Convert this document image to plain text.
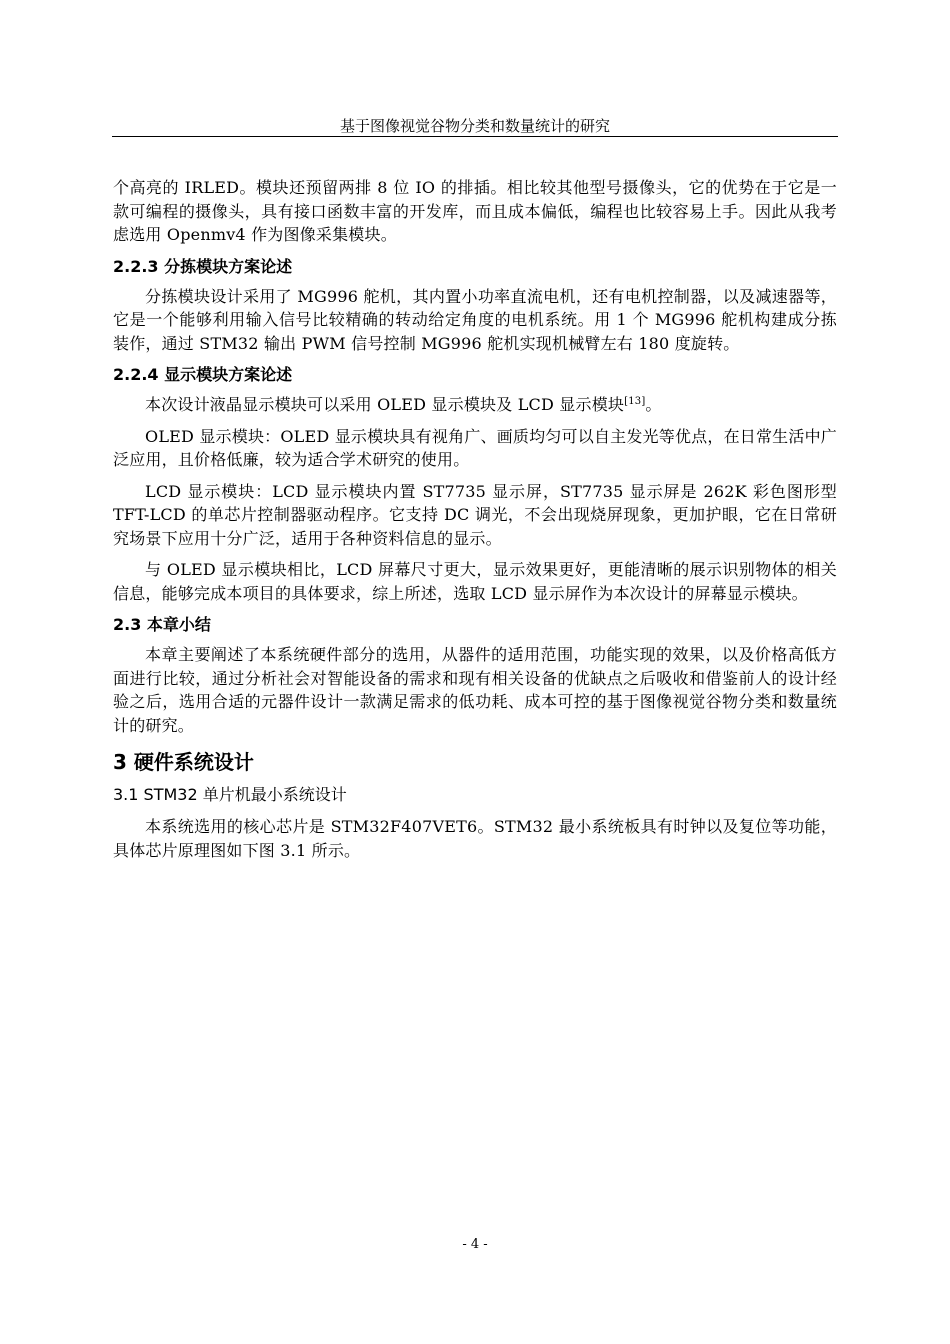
基于图像视觉谷物分类和数量统计的研究

个高亮的 IRLED。模块还预留两排 8 位 IO 的排插。相比较其他型号摄像头，它的优势在于它是一款可编程的摄像头，具有接口函数丰富的开发库，而且成本偏低，编程也比较容易上手。因此从我考虑选用 Openmv4 作为图像采集模块。

2.2.3 分拣模块方案论述

分拣模块设计采用了 MG996 舵机，其内置小功率直流电机，还有电机控制器，以及减速器等，它是一个能够利用输入信号比较精确的转动给定角度的电机系统。用 1 个 MG996 舵机构建成分拣装作，通过 STM32 输出 PWM 信号控制 MG996 舵机实现机械臂左右 180 度旋转。

2.2.4 显示模块方案论述

本次设计液晶显示模块可以采用 OLED 显示模块及 LCD 显示模块[13]。

OLED 显示模块：OLED 显示模块具有视角广、画质均匀可以自主发光等优点，在日常生活中广泛应用，且价格低廉，较为适合学术研究的使用。

LCD 显示模块：LCD 显示模块内置 ST7735 显示屏，ST7735 显示屏是 262K 彩色图形型 TFT-LCD 的单芯片控制器驱动程序。它支持 DC 调光，不会出现烧屏现象，更加护眼，它在日常研究场景下应用十分广泛，适用于各种资料信息的显示。

与 OLED 显示模块相比，LCD 屏幕尺寸更大，显示效果更好，更能清晰的展示识别物体的相关信息，能够完成本项目的具体要求，综上所述，选取 LCD 显示屏作为本次设计的屏幕显示模块。

2.3 本章小结

本章主要阐述了本系统硬件部分的选用，从器件的适用范围，功能实现的效果，以及价格高低方面进行比较，通过分析社会对智能设备的需求和现有相关设备的优缺点之后吸收和借鉴前人的设计经验之后，选用合适的元器件设计一款满足需求的低功耗、成本可控的基于图像视觉谷物分类和数量统计的研究。

3 硬件系统设计
3.1 STM32 单片机最小系统设计

本系统选用的核心芯片是 STM32F407VET6。STM32 最小系统板具有时钟以及复位等功能，具体芯片原理图如下图 3.1 所示。

- 4 -
